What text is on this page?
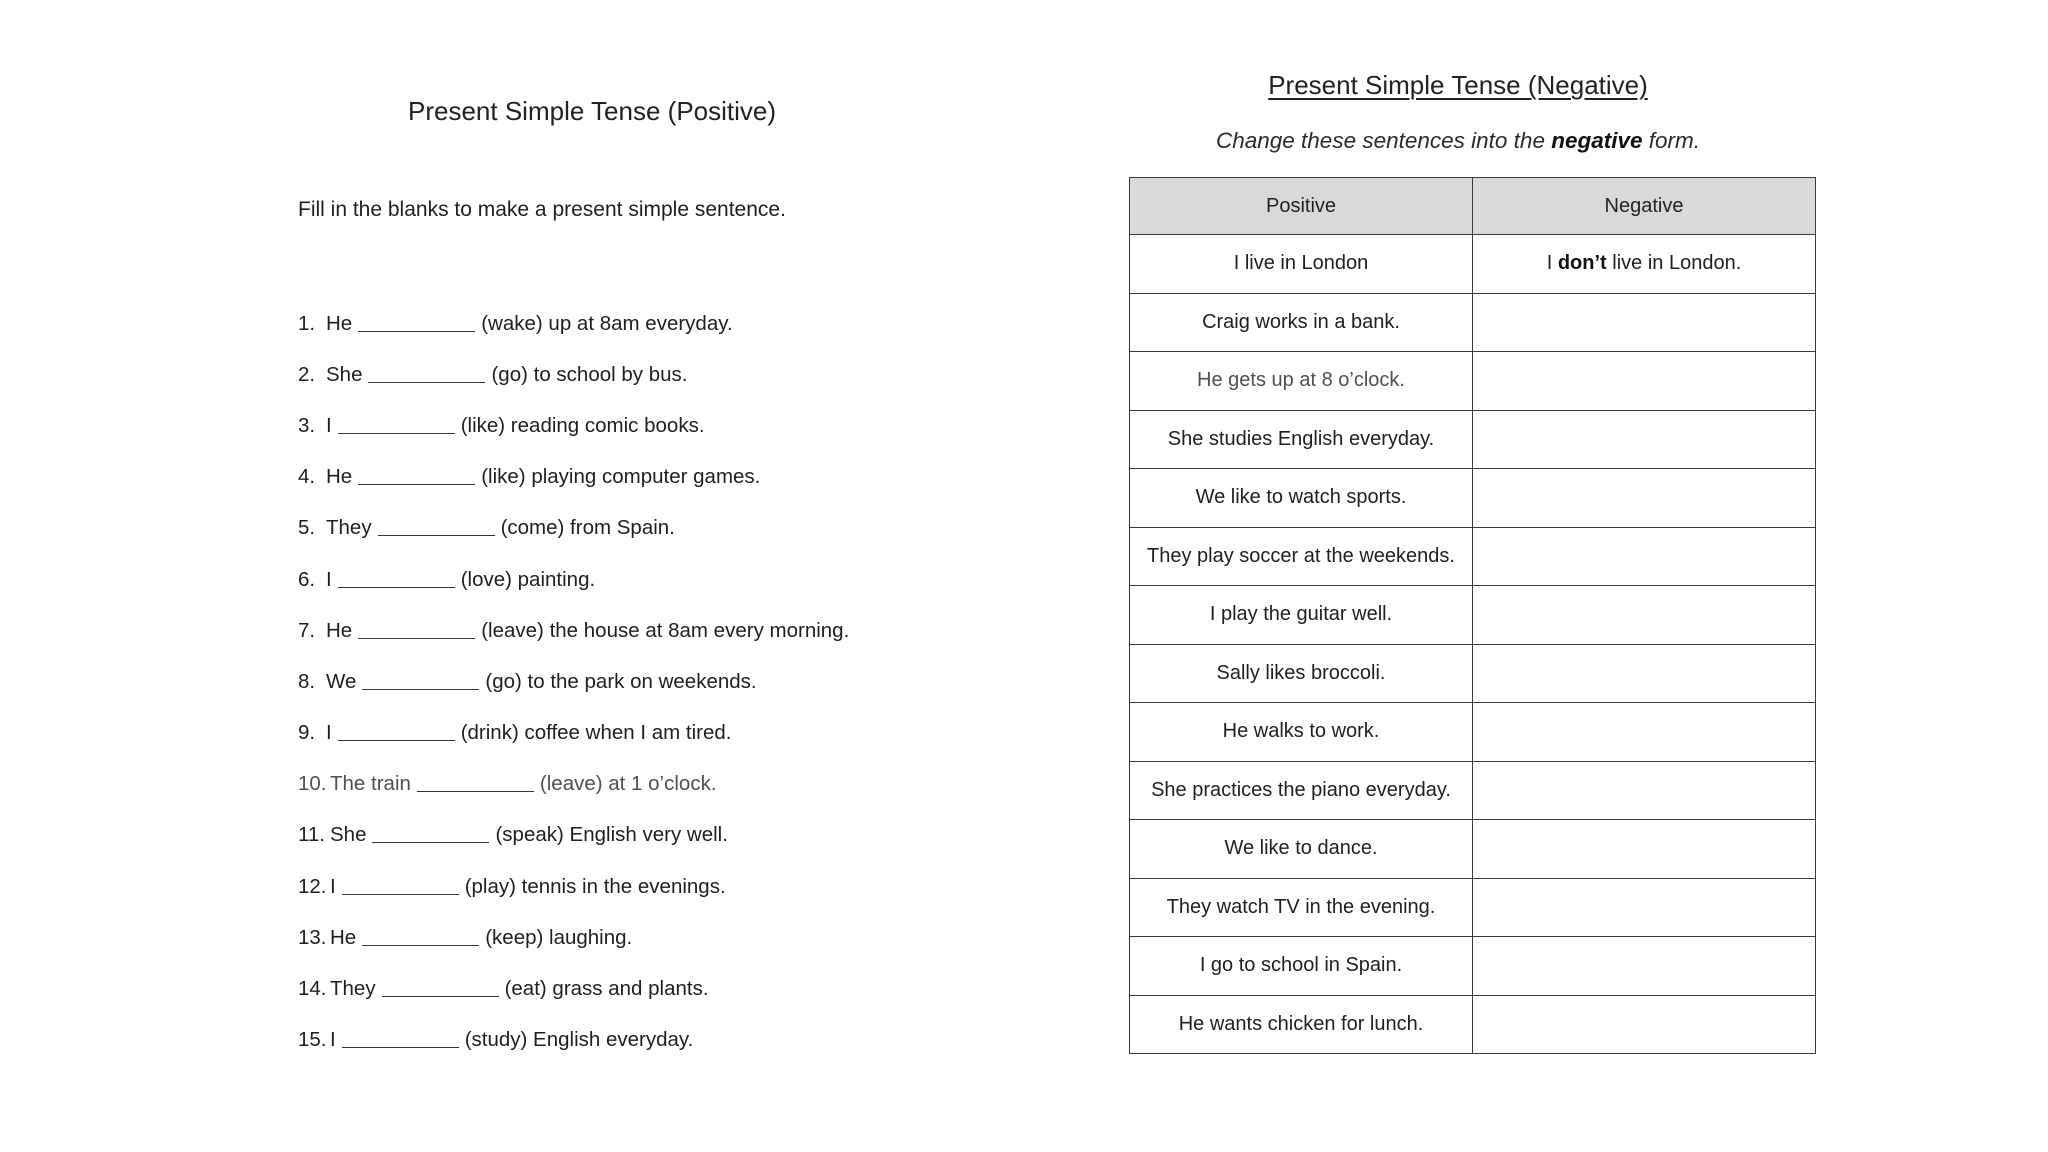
Present Simple Tense (Positive)
Fill in the blanks to make a present simple sentence.
1. He	(wake) up at 8am everyday.
2. She	(go) to school by bus.
3. I	(like) reading comic books.
4. He	(like) playing computer games.
5. They	(come) from Spain.
6. I	(love) painting.
7. He	(leave) the house at 8am every morning.
8. We	(go) to the park on weekends.
9. I	(drink) coffee when I am tired.
10. The train	(leave) at 1 o’clock.
11. She	(speak) English very well.
12. I	(play) tennis in the evenings.
13. He	(keep) laughing.
14. They	(eat) grass and plants.
15. I	(study) English everyday.
Present Simple Tense (Negative)
Change these sentences into the negative form.
Positive	Negative
I live in London	I don’t live in London.
Craig works in a bank.	
He gets up at 8 o’clock.	
She studies English everyday.	
We like to watch sports.	
They play soccer at the weekends.	
I play the guitar well.	
Sally likes broccoli.	
He walks to work.	
She practices the piano everyday.	
We like to dance.	
They watch TV in the evening.	
I go to school in Spain.	
He wants chicken for lunch.	
